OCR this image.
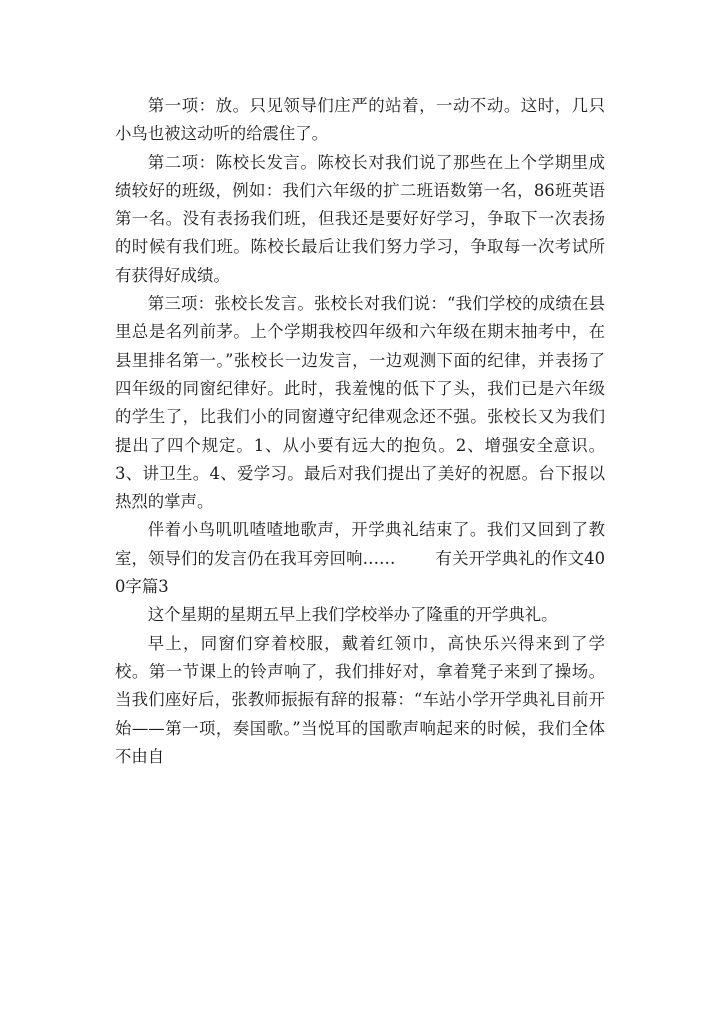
第一项：放。只见领导们庄严的站着，一动不动。这时，几只小鸟也被这动听的给震住了。

第二项：陈校长发言。陈校长对我们说了那些在上个学期里成绩较好的班级，例如：我们六年级的扩二班语数第一名，86班英语第一名。没有表扬我们班，但我还是要好好学习，争取下一次表扬的时候有我们班。陈校长最后让我们努力学习，争取每一次考试所有获得好成绩。

第三项：张校长发言。张校长对我们说：“我们学校的成绩在县里总是名列前茅。上个学期我校四年级和六年级在期末抽考中，在县里排名第一。”张校长一边发言，一边观测下面的纪律，并表扬了四年级的同窗纪律好。此时，我羞愧的低下了头，我们已是六年级的学生了，比我们小的同窗遵守纪律观念还不强。张校长又为我们提出了四个规定。1、从小要有远大的抱负。2、增强安全意识。3、讲卫生。4、爱学习。最后对我们提出了美好的祝愿。台下报以热烈的掌声。

伴着小鸟叽叽喳喳地歌声，开学典礼结束了。我们又回到了教室，领导们的发言仍在我耳旁回响…… 有关开学典礼的作文400字篇3

这个星期的星期五早上我们学校举办了隆重的开学典礼。

早上，同窗们穿着校服，戴着红领巾，高快乐兴得来到了学校。第一节课上的铃声响了，我们排好对，拿着凳子来到了操场。当我们座好后，张教师振振有辞的报幕：“车站小学开学典礼目前开始——第一项，奏国歌。”当悦耳的国歌声响起来的时候，我们全体不由自
